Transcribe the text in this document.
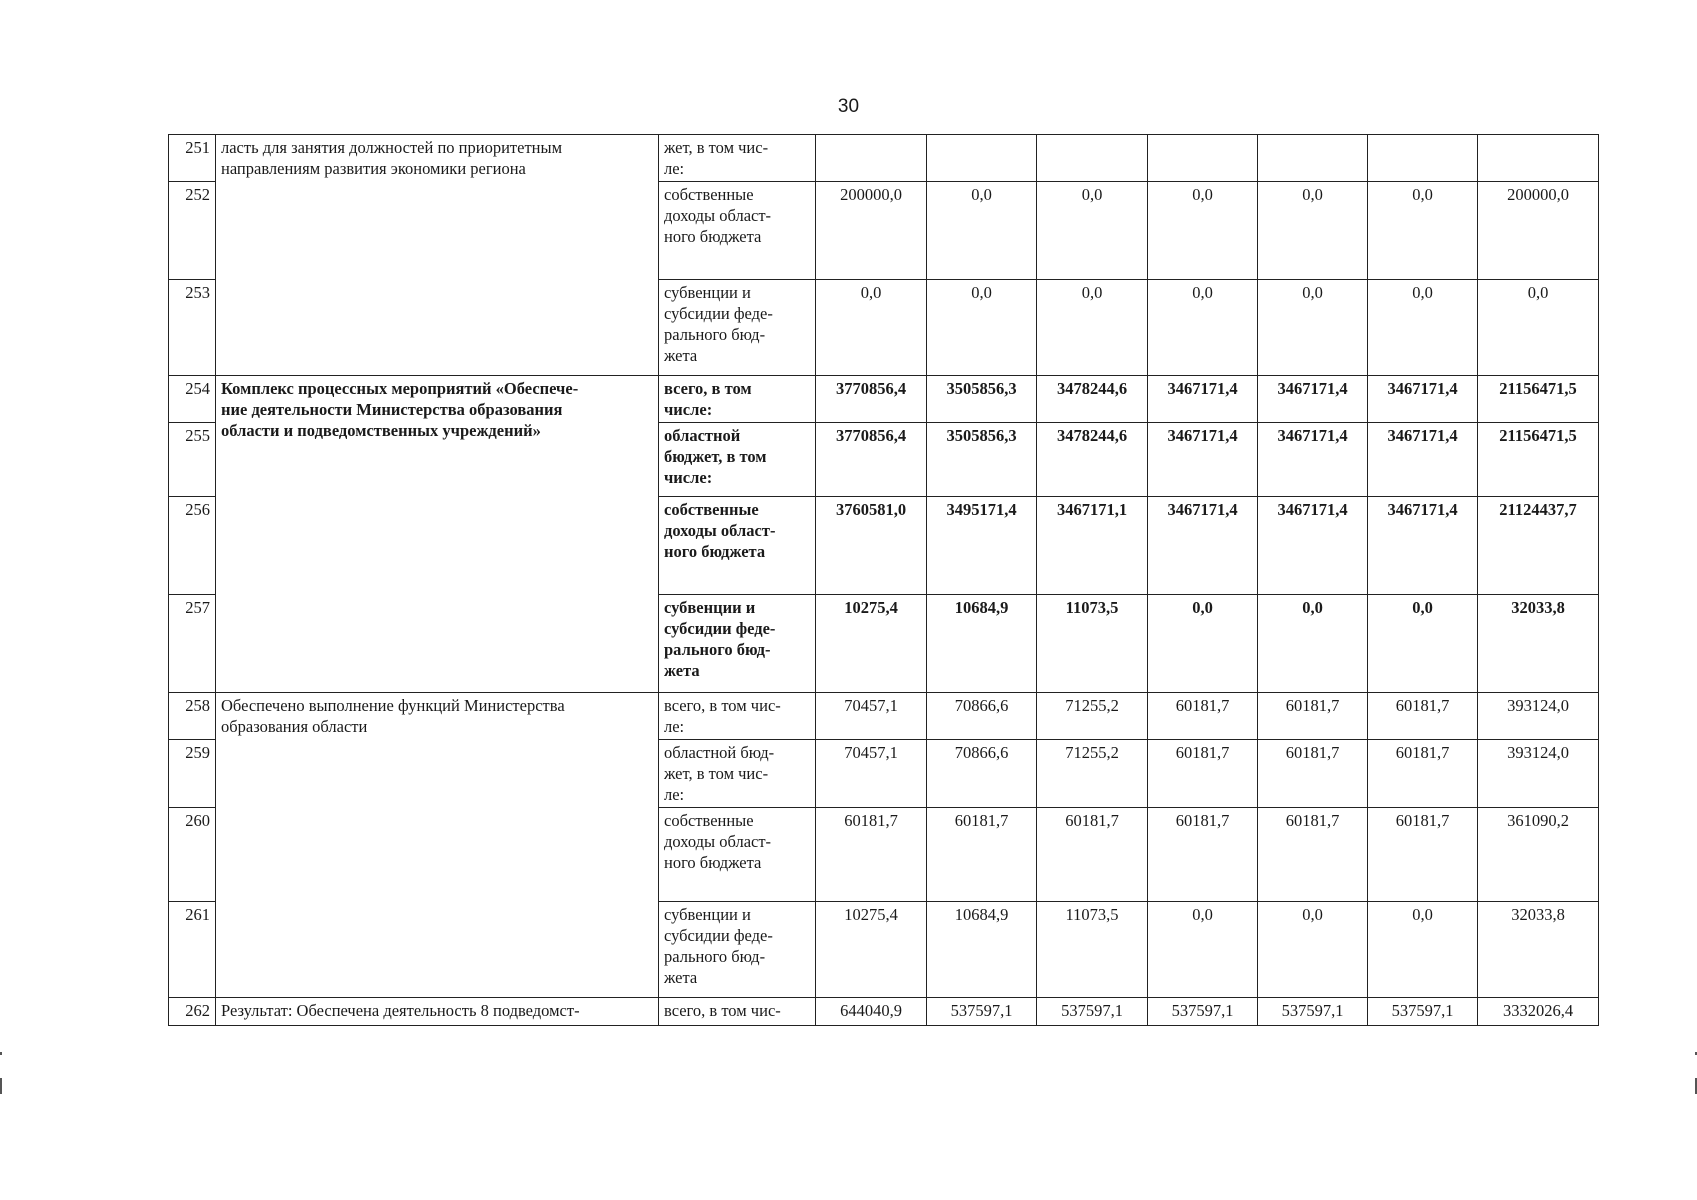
30
251	ласть для занятия должностей по приоритетным направлениям развития экономики региона	жет, в том чис-
ле:							
252		собственные
доходы област-
ного бюджета	200000,0	0,0	0,0	0,0	0,0	0,0	200000,0
253		субвенции и
субсидии феде-
рального бюд-
жета	0,0	0,0	0,0	0,0	0,0	0,0	0,0
254	Комплекс процессных мероприятий «Обеспече-
ние деятельности Министерства образования
области и подведомственных учреждений»	всего, в том
числе:	3770856,4	3505856,3	3478244,6	3467171,4	3467171,4	3467171,4	21156471,5
255		областной
бюджет, в том
числе:	3770856,4	3505856,3	3478244,6	3467171,4	3467171,4	3467171,4	21156471,5
256		собственные
доходы област-
ного бюджета	3760581,0	3495171,4	3467171,1	3467171,4	3467171,4	3467171,4	21124437,7
257		субвенции и
субсидии феде-
рального бюд-
жета	10275,4	10684,9	11073,5	0,0	0,0	0,0	32033,8
258	Обеспечено выполнение функций Министерства
образования области	всего, в том чис-
ле:	70457,1	70866,6	71255,2	60181,7	60181,7	60181,7	393124,0
259		областной бюд-
жет, в том чис-
ле:	70457,1	70866,6	71255,2	60181,7	60181,7	60181,7	393124,0
260		собственные
доходы област-
ного бюджета	60181,7	60181,7	60181,7	60181,7	60181,7	60181,7	361090,2
261		субвенции и
субсидии феде-
рального бюд-
жета	10275,4	10684,9	11073,5	0,0	0,0	0,0	32033,8
262	Результат: Обеспечена деятельность 8 подведомст-	всего, в том чис-	644040,9	537597,1	537597,1	537597,1	537597,1	537597,1	3332026,4
